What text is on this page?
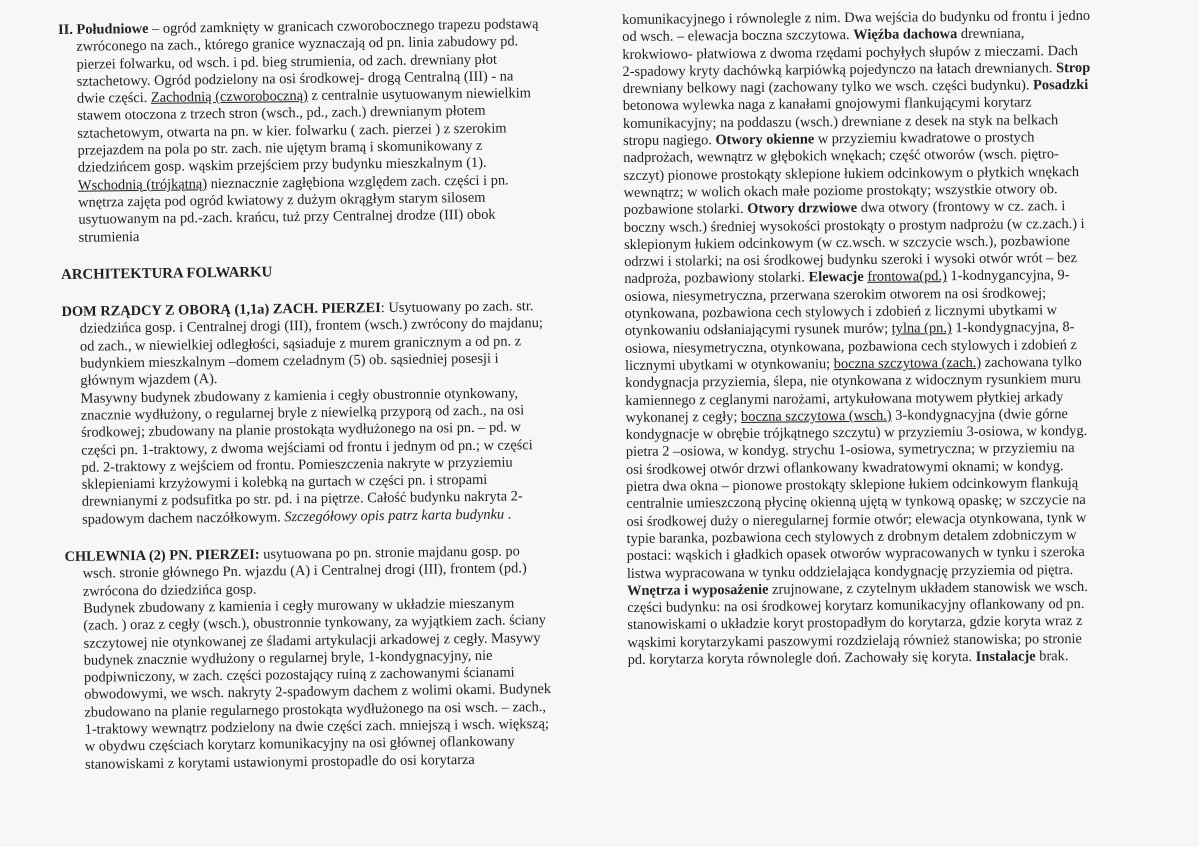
II. Południowe – ogród zamknięty w granicach czworobocznego trapezu podstawą
zwróconego na zach., którego granice wyznaczają od pn. linia zabudowy pd.
pierzei folwarku, od wsch. i pd. bieg strumienia, od zach. drewniany płot
sztachetowy. Ogród podzielony na osi środkowej- drogą Centralną (III) - na
dwie części. Zachodnią (czworoboczną) z centralnie usytuowanym niewielkim
stawem otoczona z trzech stron (wsch., pd., zach.) drewnianym płotem
sztachetowym, otwarta na pn. w kier. folwarku ( zach. pierzei ) z szerokim
przejazdem na pola po str. zach. nie ujętym bramą i skomunikowany z
dziedzińcem gosp. wąskim przejściem przy budynku mieszkalnym (1).
Wschodnią (trójkątną) nieznacznie zagłębiona względem zach. części i pn.
wnętrza zajęta pod ogród kwiatowy z dużym okrągłym starym silosem
usytuowanym na pd.-zach. krańcu, tuż przy Centralnej drodze (III) obok
strumienia
ARCHITEKTURA FOLWARKU
DOM RZĄDCY Z OBORĄ (1,1a) ZACH. PIERZEI: Usytuowany po zach. str.
dziedzińca gosp. i Centralnej drogi (III), frontem (wsch.) zwrócony do majdanu;
od zach., w niewielkiej odległości, sąsiaduje z murem granicznym a od pn. z
budynkiem mieszkalnym –domem czeladnym (5) ob. sąsiedniej posesji i
głównym wjazdem (A).
Masywny budynek zbudowany z kamienia i cegły obustronnie otynkowany,
znacznie wydłużony, o regularnej bryle z niewielką przyporą od zach., na osi
środkowej; zbudowany na planie prostokąta wydłużonego na osi pn. – pd. w
części pn. 1-traktowy, z dwoma wejściami od frontu i jednym od pn.; w części
pd. 2-traktowy z wejściem od frontu. Pomieszczenia nakryte w przyziemiu
sklepieniami krzyżowymi i kolebką na gurtach w części pn. i stropami
drewnianymi z podsufitka po str. pd. i na piętrze. Całość budynku nakryta 2-
spadowym dachem naczółkowym. Szczegółowy opis patrz karta budynku .
CHLEWNIA (2) PN. PIERZEI: usytuowana po pn. stronie majdanu gosp. po
wsch. stronie głównego Pn. wjazdu (A) i Centralnej drogi (III), frontem (pd.)
zwrócona do dziedzińca gosp.
Budynek zbudowany z kamienia i cegły murowany w układzie mieszanym
(zach. ) oraz z cegły (wsch.), obustronnie tynkowany, za wyjątkiem zach. ściany
szczytowej nie otynkowanej ze śladami artykulacji arkadowej z cegły. Masywy
budynek znacznie wydłużony o regularnej bryle, 1-kondygnacyjny, nie
podpiwniczony, w zach. części pozostający ruiną z zachowanymi ścianami
obwodowymi, we wsch. nakryty 2-spadowym dachem z wolimi okami. Budynek
zbudowano na planie regularnego prostokąta wydłużonego na osi wsch. – zach.,
1-traktowy wewnątrz podzielony na dwie części zach. mniejszą i wsch. większą;
w obydwu częściach korytarz komunikacyjny na osi głównej oflankowany
stanowiskami z korytami ustawionymi prostopadle do osi korytarza
komunikacyjnego i równolegle z nim. Dwa wejścia do budynku od frontu i jedno
od wsch. – elewacja boczna szczytowa. Więźba dachowa drewniana,
krokwiowo- płatwiowa z dwoma rzędami pochyłych słupów z mieczami. Dach
2-spadowy kryty dachówką karpiówką pojedynczo na łatach drewnianych. Strop
drewniany belkowy nagi (zachowany tylko we wsch. części budynku). Posadzki
betonowa wylewka naga z kanałami gnojowymi flankującymi korytarz
komunikacyjny; na poddaszu (wsch.) drewniane z desek na styk na belkach
stropu nagiego. Otwory okienne w przyziemiu kwadratowe o prostych
nadprożach, wewnątrz w głębokich wnękach; część otworów (wsch. piętro-
szczyt) pionowe prostokąty sklepione łukiem odcinkowym o płytkich wnękach
wewnątrz; w wolich okach małe poziome prostokąty; wszystkie otwory ob.
pozbawione stolarki. Otwory drzwiowe dwa otwory (frontowy w cz. zach. i
boczny wsch.) średniej wysokości prostokąty o prostym nadprożu (w cz.zach.) i
sklepionym łukiem odcinkowym (w cz.wsch. w szczycie wsch.), pozbawione
odrzwi i stolarki; na osi środkowej budynku szeroki i wysoki otwór wrót – bez
nadproża, pozbawiony stolarki. Elewacje frontowa(pd.) 1-kodnygancyjna, 9-
osiowa, niesymetryczna, przerwana szerokim otworem na osi środkowej;
otynkowana, pozbawiona cech stylowych i zdobień z licznymi ubytkami w
otynkowaniu odsłaniającymi rysunek murów; tylna (pn.) 1-kondygnacyjna, 8-
osiowa, niesymetryczna, otynkowana, pozbawiona cech stylowych i zdobień z
licznymi ubytkami w otynkowaniu; boczna szczytowa (zach.) zachowana tylko
kondygnacja przyziemia, ślepa, nie otynkowana z widocznym rysunkiem muru
kamiennego z ceglanymi narożami, artykułowana motywem płytkiej arkady
wykonanej z cegły; boczna szczytowa (wsch.) 3-kondygnacyjna (dwie górne
kondygnacje w obrębie trójkątnego szczytu) w przyziemiu 3-osiowa, w kondyg.
pietra 2 –osiowa, w kondyg. strychu 1-osiowa, symetryczna; w przyziemiu na
osi środkowej otwór drzwi oflankowany kwadratowymi oknami; w kondyg.
pietra dwa okna – pionowe prostokąty sklepione łukiem odcinkowym flankują
centralnie umieszczoną płycinę okienną ujętą w tynkową opaskę; w szczycie na
osi środkowej duży o nieregularnej formie otwór; elewacja otynkowana, tynk w
typie baranka, pozbawiona cech stylowych z drobnym detalem zdobniczym w
postaci: wąskich i gładkich opasek otworów wypracowanych w tynku i szeroka
listwa wypracowana w tynku oddzielająca kondygnację przyziemia od piętra.
Wnętrza i wyposażenie zrujnowane, z czytelnym układem stanowisk we wsch.
części budynku: na osi środkowej korytarz komunikacyjny oflankowany od pn.
stanowiskami o układzie koryt prostopadłym do korytarza, gdzie koryta wraz z
wąskimi korytarzykami paszowymi rozdzielają również stanowiska; po stronie
pd. korytarza koryta równolegle doń. Zachowały się koryta. Instalacje brak.
